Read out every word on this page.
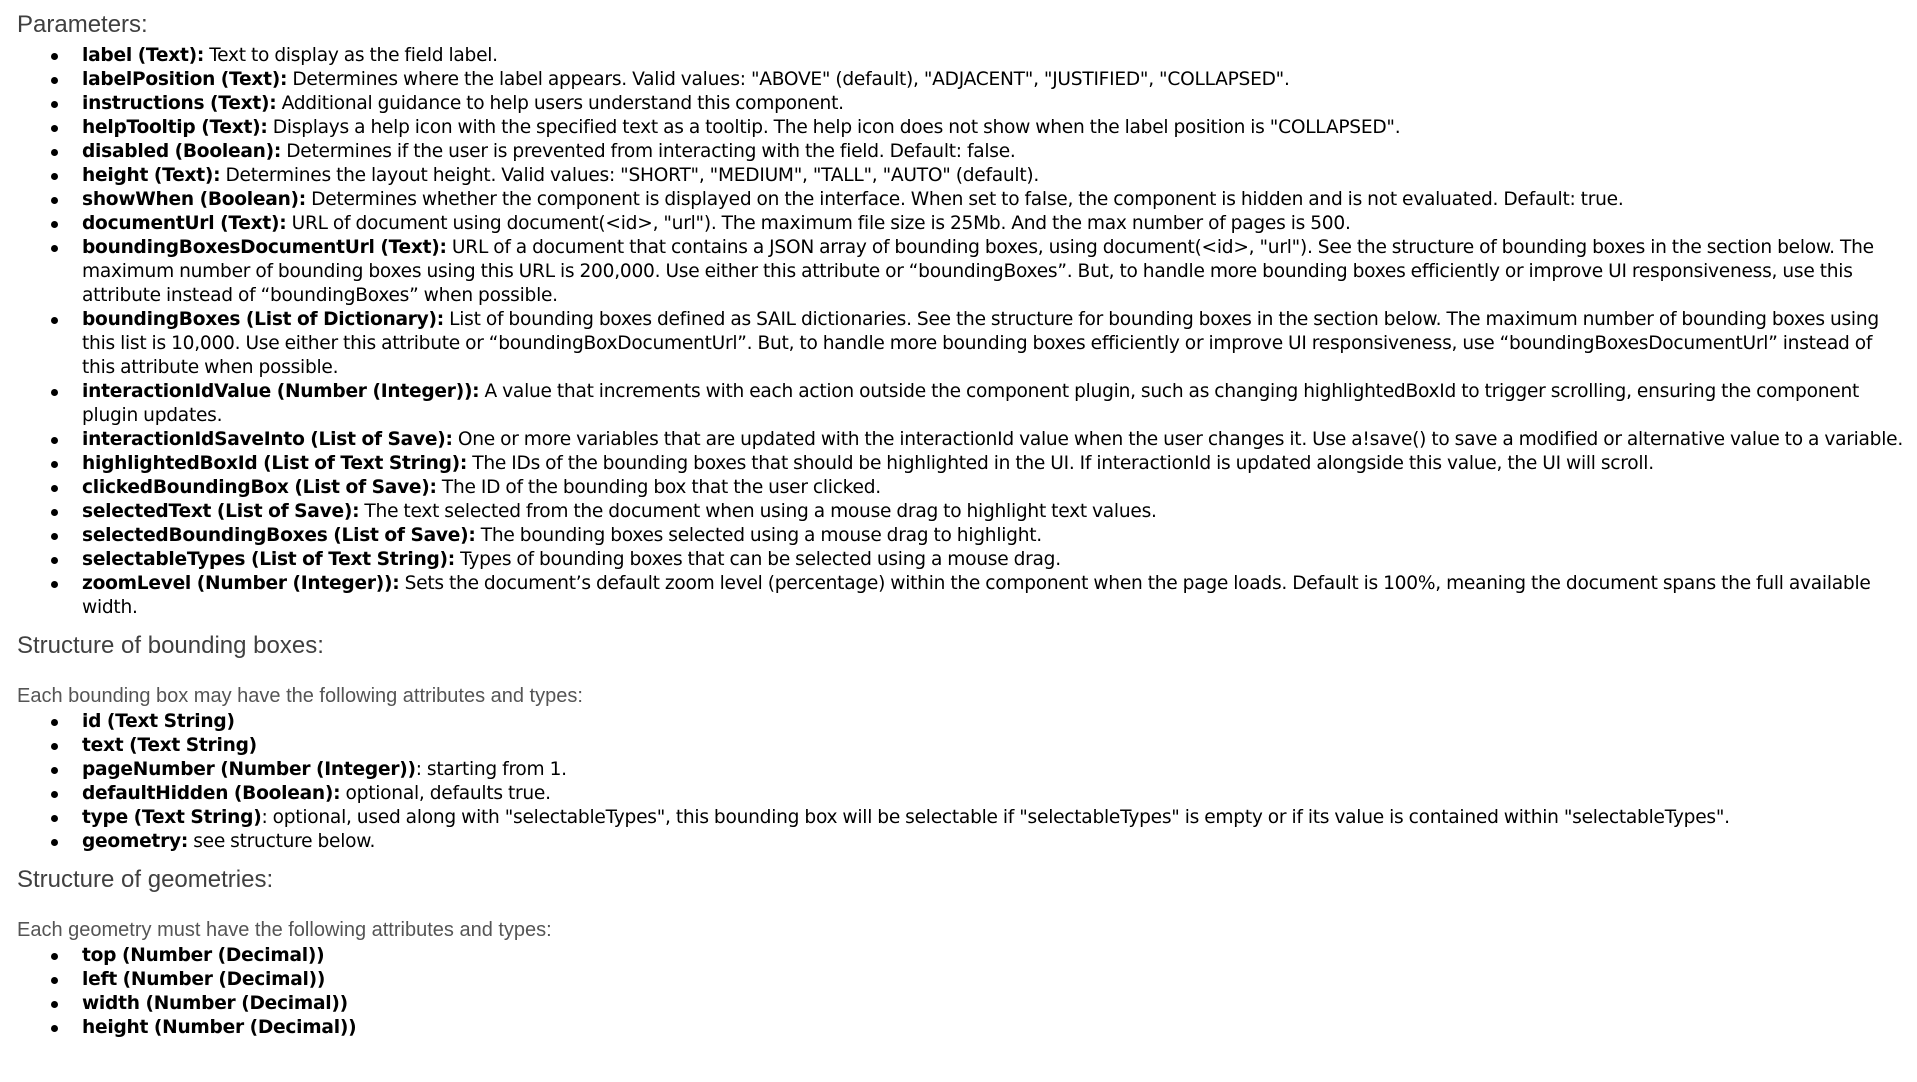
Parameters:
label (Text): Text to display as the field label.
labelPosition (Text): Determines where the label appears. Valid values: "ABOVE" (default), "ADJACENT", "JUSTIFIED", "COLLAPSED".
instructions (Text): Additional guidance to help users understand this component.
helpTooltip (Text): Displays a help icon with the specified text as a tooltip. The help icon does not show when the label position is "COLLAPSED".
disabled (Boolean): Determines if the user is prevented from interacting with the field. Default: false.
height (Text): Determines the layout height. Valid values: "SHORT", "MEDIUM", "TALL", "AUTO" (default).
showWhen (Boolean): Determines whether the component is displayed on the interface. When set to false, the component is hidden and is not evaluated. Default: true.
documentUrl (Text): URL of document using document(<id>, "url"). The maximum file size is 25Mb. And the max number of pages is 500.
boundingBoxesDocumentUrl (Text): URL of a document that contains a JSON array of bounding boxes, using document(<id>, "url"). See the structure of bounding boxes in the section below. The maximum number of bounding boxes using this URL is 200,000. Use either this attribute or “boundingBoxes”. But, to handle more bounding boxes efficiently or improve UI responsiveness, use this attribute instead of “boundingBoxes” when possible.
boundingBoxes (List of Dictionary): List of bounding boxes defined as SAIL dictionaries. See the structure for bounding boxes in the section below. The maximum number of bounding boxes using this list is 10,000. Use either this attribute or “boundingBoxDocumentUrl”. But, to handle more bounding boxes efficiently or improve UI responsiveness, use “boundingBoxesDocumentUrl” instead of this attribute when possible.
interactionIdValue (Number (Integer)): A value that increments with each action outside the component plugin, such as changing highlightedBoxId to trigger scrolling, ensuring the component plugin updates.
interactionIdSaveInto (List of Save): One or more variables that are updated with the interactionId value when the user changes it. Use a!save() to save a modified or alternative value to a variable.
highlightedBoxId (List of Text String): The IDs of the bounding boxes that should be highlighted in the UI. If interactionId is updated alongside this value, the UI will scroll.
clickedBoundingBox (List of Save): The ID of the bounding box that the user clicked.
selectedText (List of Save): The text selected from the document when using a mouse drag to highlight text values.
selectedBoundingBoxes (List of Save): The bounding boxes selected using a mouse drag to highlight.
selectableTypes (List of Text String): Types of bounding boxes that can be selected using a mouse drag.
zoomLevel (Number (Integer)): Sets the document’s default zoom level (percentage) within the component when the page loads. Default is 100%, meaning the document spans the full available width.
Structure of bounding boxes:

Each bounding box may have the following attributes and types:

id (Text String)
text (Text String)
pageNumber (Number (Integer)): starting from 1.
defaultHidden (Boolean): optional, defaults true.
type (Text String): optional, used along with "selectableTypes", this bounding box will be selectable if "selectableTypes" is empty or if its value is contained within "selectableTypes".
geometry: see structure below.
Structure of geometries:

Each geometry must have the following attributes and types:

top (Number (Decimal))
left (Number (Decimal))
width (Number (Decimal))
height (Number (Decimal))
